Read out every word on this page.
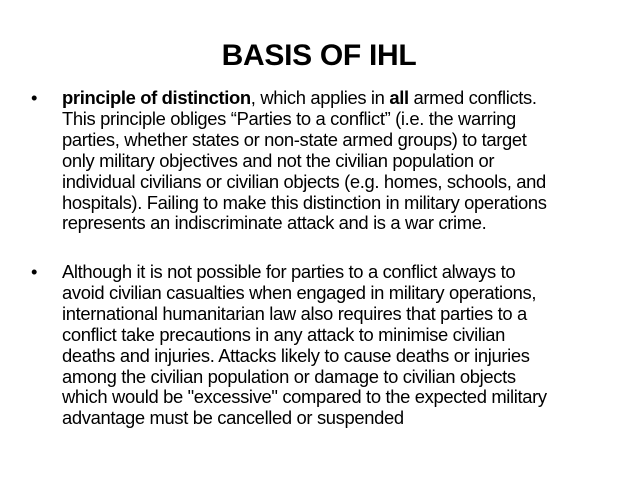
BASIS OF IHL
• principle of distinction, which applies in all armed conflicts.
This principle obliges “Parties to a conflict” (i.e. the warring
parties, whether states or non-state armed groups) to target
only military objectives and not the civilian population or
individual civilians or civilian objects (e.g. homes, schools, and
hospitals). Failing to make this distinction in military operations
represents an indiscriminate attack and is a war crime.
• Although it is not possible for parties to a conflict always to
avoid civilian casualties when engaged in military operations,
international humanitarian law also requires that parties to a
conflict take precautions in any attack to minimise civilian
deaths and injuries. Attacks likely to cause deaths or injuries
among the civilian population or damage to civilian objects
which would be "excessive" compared to the expected military
advantage must be cancelled or suspended
